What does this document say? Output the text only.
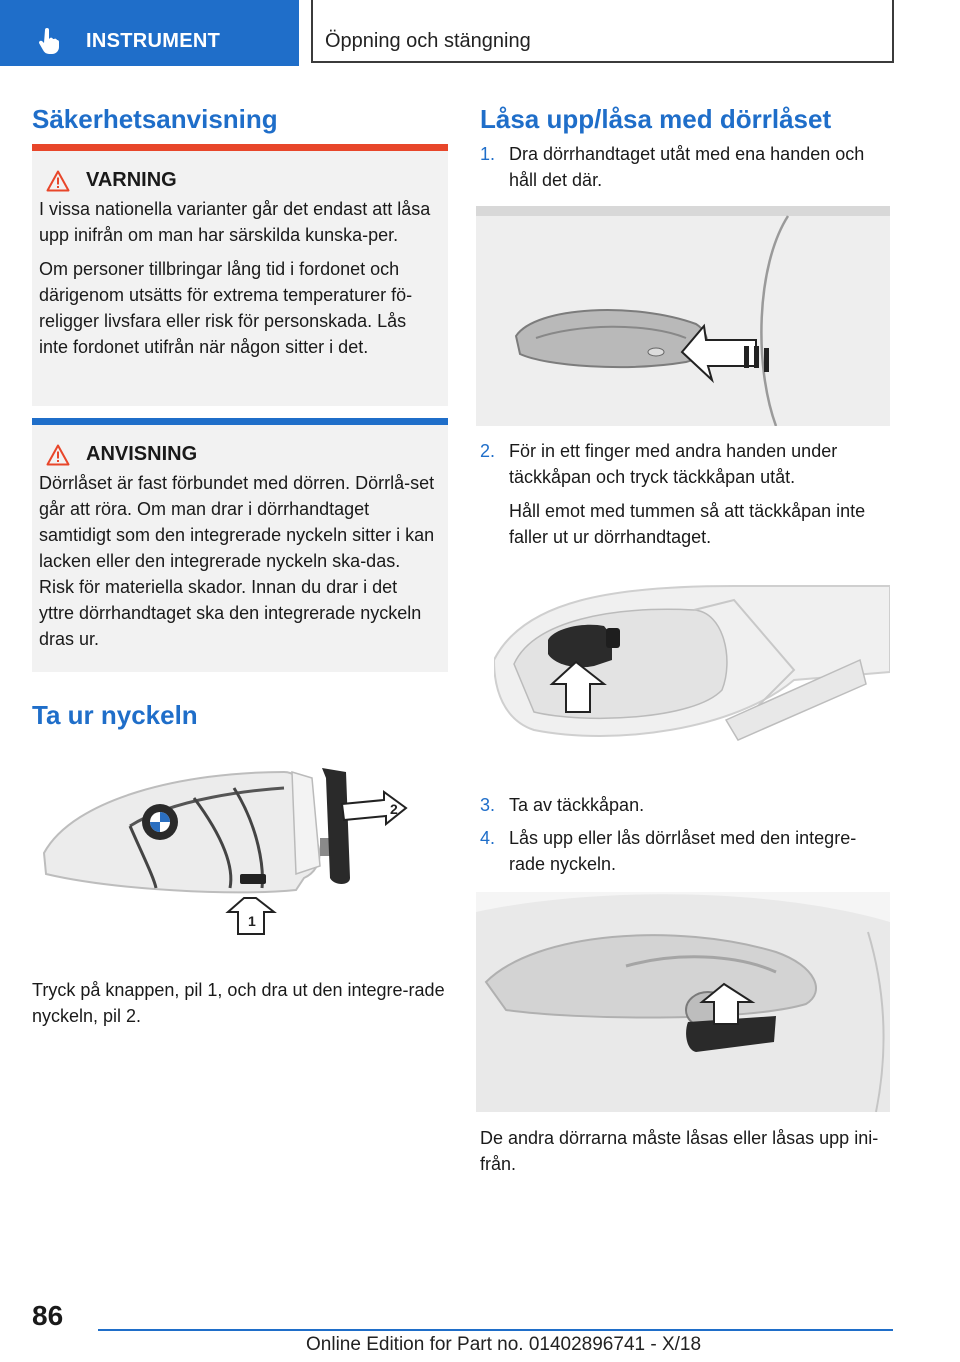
INSTRUMENT	Öppning och stängning
Säkerhetsanvisning
VARNING

I vissa nationella varianter går det endast att låsa upp inifrån om man har särskilda kunska-per.

Om personer tillbringar lång tid i fordonet och därigenom utsätts för extrema temperaturer fö-religger livsfara eller risk för personskada. Lås inte fordonet utifrån när någon sitter i det.

ANVISNING

Dörrlåset är fast förbundet med dörren. Dörrlå-set går att röra. Om man drar i dörrhandtaget samtidigt som den integrerade nyckeln sitter i kan lacken eller den integrerade nyckeln ska-das. Risk för materiella skador. Innan du drar i det yttre dörrhandtaget ska den integrerade nyckeln dras ur.

Ta ur nyckeln
2
1
Tryck på knappen, pil 1, och dra ut den integre-rade nyckeln, pil 2.
Låsa upp/låsa med dörrlåset
1. Dra dörrhandtaget utåt med ena handen och håll det där.

2. För in ett finger med andra handen under täckkåpan och tryck täckkåpan utåt.

Håll emot med tummen så att täckkåpan inte faller ut ur dörrhandtaget.

3. Ta av täckkåpan.

4. Lås upp eller lås dörrlåset med den integre-rade nyckeln.

De andra dörrarna måste låsas eller låsas upp ini-från.
86
Online Edition for Part no. 01402896741 - X/18
